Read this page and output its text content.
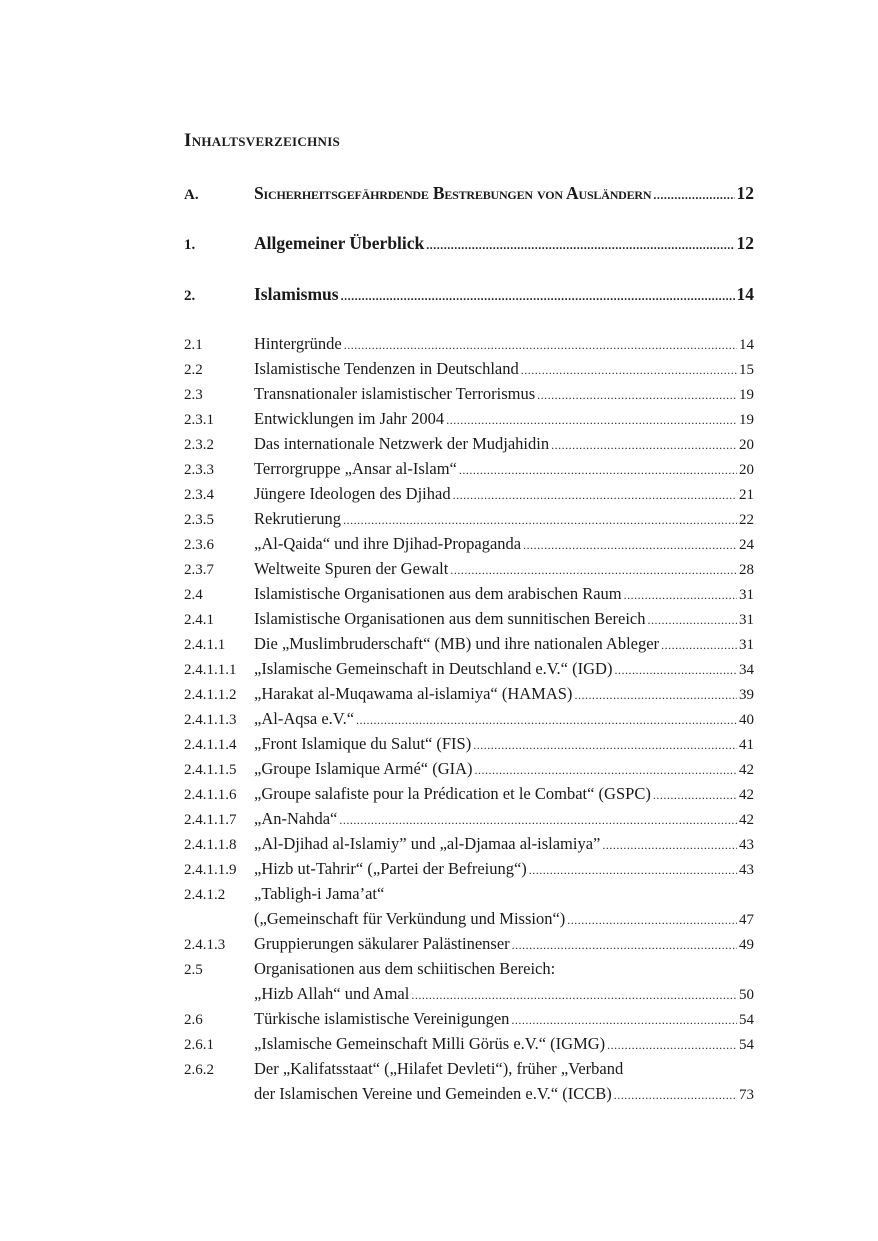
Inhaltsverzeichnis
A.	Sicherheitsgefährdende Bestrebungen von Ausländern .....	12
1.	Allgemeiner Überblick .....	12
2.	Islamismus .....	14
2.1	Hintergründe .....	14
2.2	Islamistische Tendenzen in Deutschland .....	15
2.3	Transnationaler islamistischer Terrorismus .....	19
2.3.1	Entwicklungen im Jahr 2004 .....	19
2.3.2	Das internationale Netzwerk der Mudjahidin .....	20
2.3.3	Terrorgruppe „Ansar al-Islam“ .....	20
2.3.4	Jüngere Ideologen des Djihad .....	21
2.3.5	Rekrutierung .....	22
2.3.6	„Al-Qaida“ und ihre Djihad-Propaganda .....	24
2.3.7	Weltweite Spuren der Gewalt .....	28
2.4	Islamistische Organisationen aus dem arabischen Raum .....	31
2.4.1	Islamistische Organisationen aus dem sunnitischen Bereich .....	31
2.4.1.1	Die „Muslimbruderschaft“ (MB) und ihre nationalen Ableger .....	31
2.4.1.1.1	„Islamische Gemeinschaft in Deutschland e.V.“ (IGD) .....	34
2.4.1.1.2	„Harakat al-Muqawama al-islamiya“ (HAMAS) .....	39
2.4.1.1.3	„Al-Aqsa e.V.“ .....	40
2.4.1.1.4	„Front Islamique du Salut“ (FIS) .....	41
2.4.1.1.5	„Groupe Islamique Armé“ (GIA) .....	42
2.4.1.1.6	„Groupe salafiste pour la Prédication et le Combat“ (GSPC) .....	42
2.4.1.1.7	„An-Nahda“ .....	42
2.4.1.1.8	„Al-Djihad al-Islamiy” und „al-Djamaa al-islamiya” .....	43
2.4.1.1.9	„Hizb ut-Tahrir“ („Partei der Befreiung“) .....	43
2.4.1.2	„Tabligh-i Jama’at“
(„Gemeinschaft für Verkündung und Mission“) .....	47
2.4.1.3	Gruppierungen säkularer Palästinenser .....	49
2.5	Organisationen aus dem schiitischen Bereich:
„Hizb Allah“ und Amal .....	50
2.6	Türkische islamistische Vereinigungen .....	54
2.6.1	„Islamische Gemeinschaft Milli Görüs e.V.“ (IGMG) .....	54
2.6.2	Der „Kalifatsstaat“ („Hilafet Devleti“), früher „Verband
der Islamischen Vereine und Gemeinden e.V.“ (ICCB) .....	73
